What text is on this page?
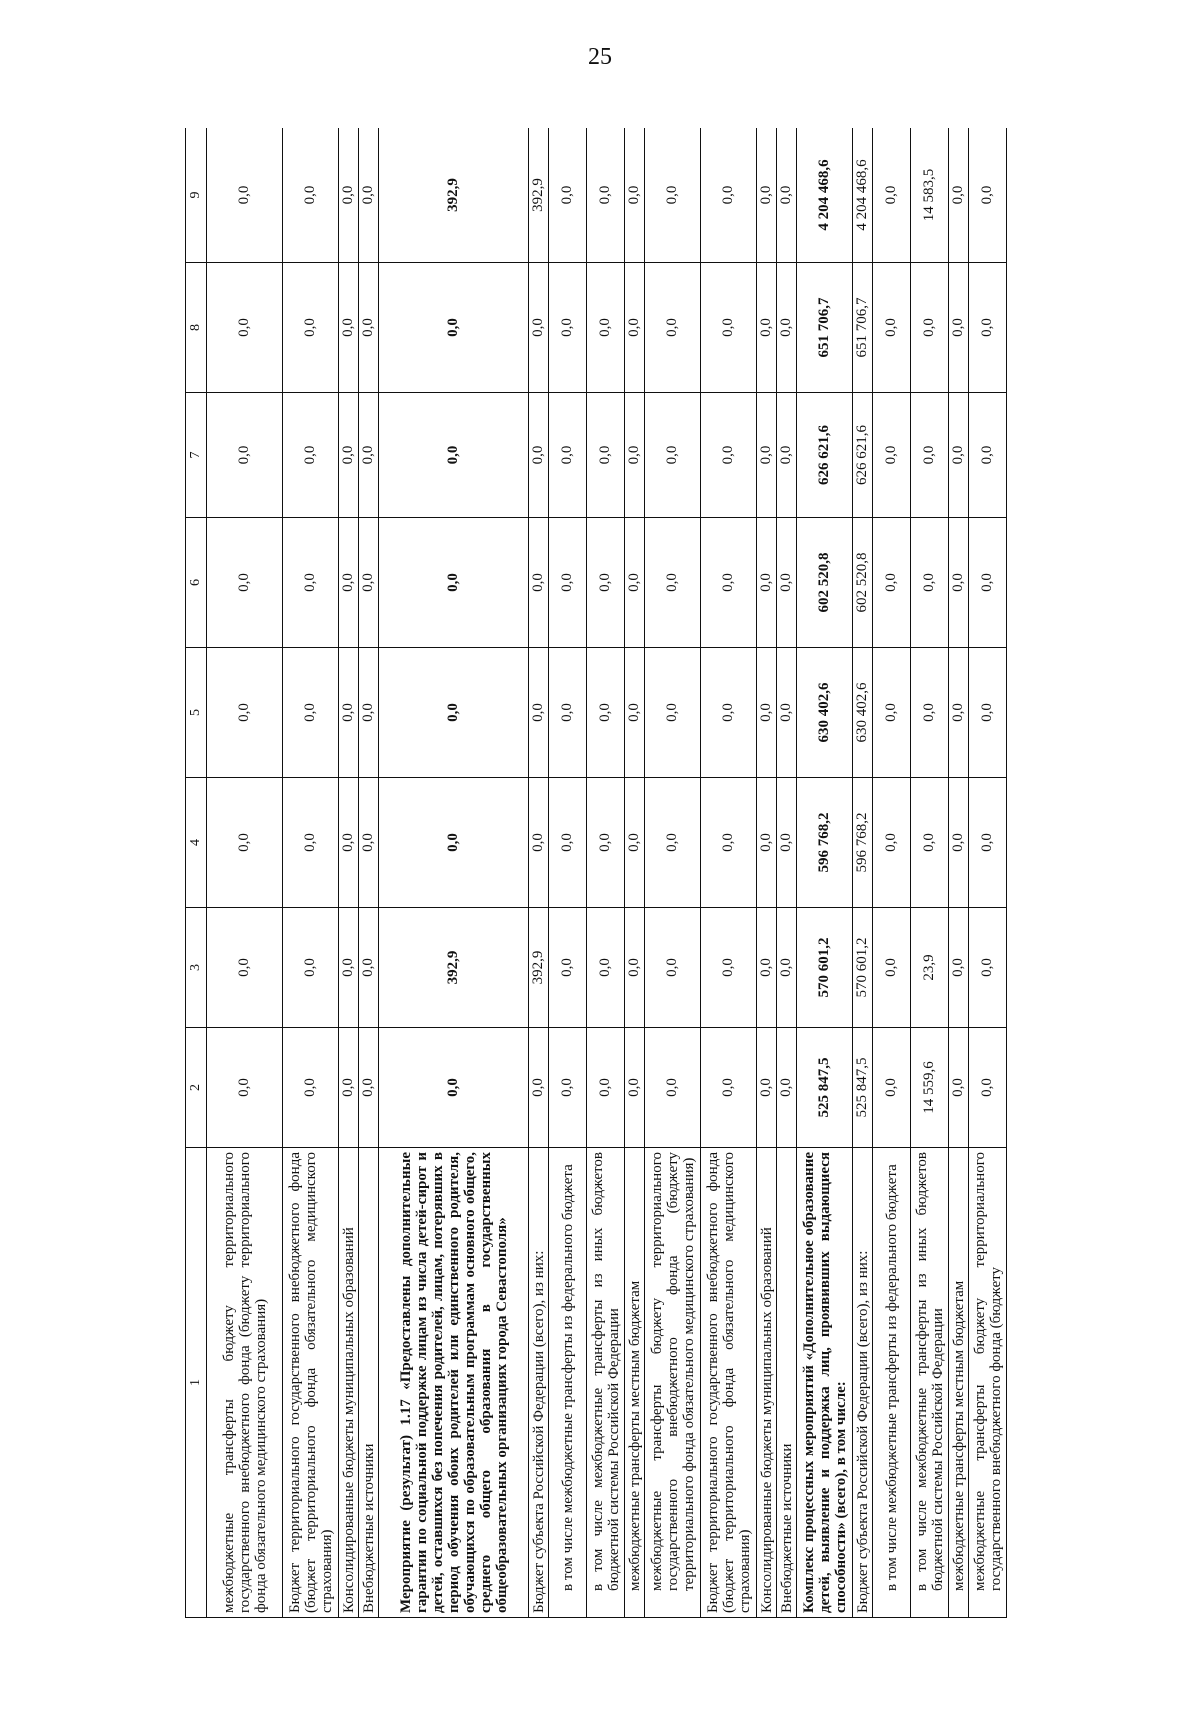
25
1	2	3	4	5	6	7	8	9
межбюджетные трансферты бюджету территориального государственного внебюджетного фонда (бюджету территориального фонда обязательного медицинского страхования)	0,0	0,0	0,0	0,0	0,0	0,0	0,0	0,0
Бюджет территориального государственного внебюджетного фонда (бюджет территориального фонда обязательного медицинского страхования)	0,0	0,0	0,0	0,0	0,0	0,0	0,0	0,0
Консолидированные бюджеты муниципальных образований	0,0	0,0	0,0	0,0	0,0	0,0	0,0	0,0
Внебюджетные источники	0,0	0,0	0,0	0,0	0,0	0,0	0,0	0,0
Мероприятие (результат) 1.17 «Предоставлены дополнительные гарантии по социальной поддержке лицам из числа детей-сирот и детей, оставшихся без попечения родителей, лицам, потерявших в период обучения обоих родителей или единственного родителя, обучающихся по образовательным программам основного общего, среднего общего образования в государственных общеобразовательных организациях города Севастополя»	0,0	392,9	0,0	0,0	0,0	0,0	0,0	392,9
Бюджет субъекта Российской Федерации (всего), из них:	0,0	392,9	0,0	0,0	0,0	0,0	0,0	392,9
в том числе межбюджетные трансферты из федерального бюджета	0,0	0,0	0,0	0,0	0,0	0,0	0,0	0,0
в том числе межбюджетные трансферты из иных бюджетов бюджетной системы Российской Федерации	0,0	0,0	0,0	0,0	0,0	0,0	0,0	0,0
межбюджетные трансферты местным бюджетам	0,0	0,0	0,0	0,0	0,0	0,0	0,0	0,0
межбюджетные трансферты бюджету территориального государственного внебюджетного фонда (бюджету территориального фонда обязательного медицинского страхования)	0,0	0,0	0,0	0,0	0,0	0,0	0,0	0,0
Бюджет территориального государственного внебюджетного фонда (бюджет территориального фонда обязательного медицинского страхования)	0,0	0,0	0,0	0,0	0,0	0,0	0,0	0,0
Консолидированные бюджеты муниципальных образований	0,0	0,0	0,0	0,0	0,0	0,0	0,0	0,0
Внебюджетные источники	0,0	0,0	0,0	0,0	0,0	0,0	0,0	0,0
Комплекс процессных мероприятий «Дополнительное образование детей, выявление и поддержка лиц, проявивших выдающиеся способности» (всего), в том числе:	525 847,5	570 601,2	596 768,2	630 402,6	602 520,8	626 621,6	651 706,7	4 204 468,6
Бюджет субъекта Российской Федерации (всего), из них:	525 847,5	570 601,2	596 768,2	630 402,6	602 520,8	626 621,6	651 706,7	4 204 468,6
в том числе межбюджетные трансферты из федерального бюджета	0,0	0,0	0,0	0,0	0,0	0,0	0,0	0,0
в том числе межбюджетные трансферты из иных бюджетов бюджетной системы Российской Федерации	14 559,6	23,9	0,0	0,0	0,0	0,0	0,0	14 583,5
межбюджетные трансферты местным бюджетам	0,0	0,0	0,0	0,0	0,0	0,0	0,0	0,0
межбюджетные трансферты бюджету территориального государственного внебюджетного фонда (бюджету	0,0	0,0	0,0	0,0	0,0	0,0	0,0	0,0
